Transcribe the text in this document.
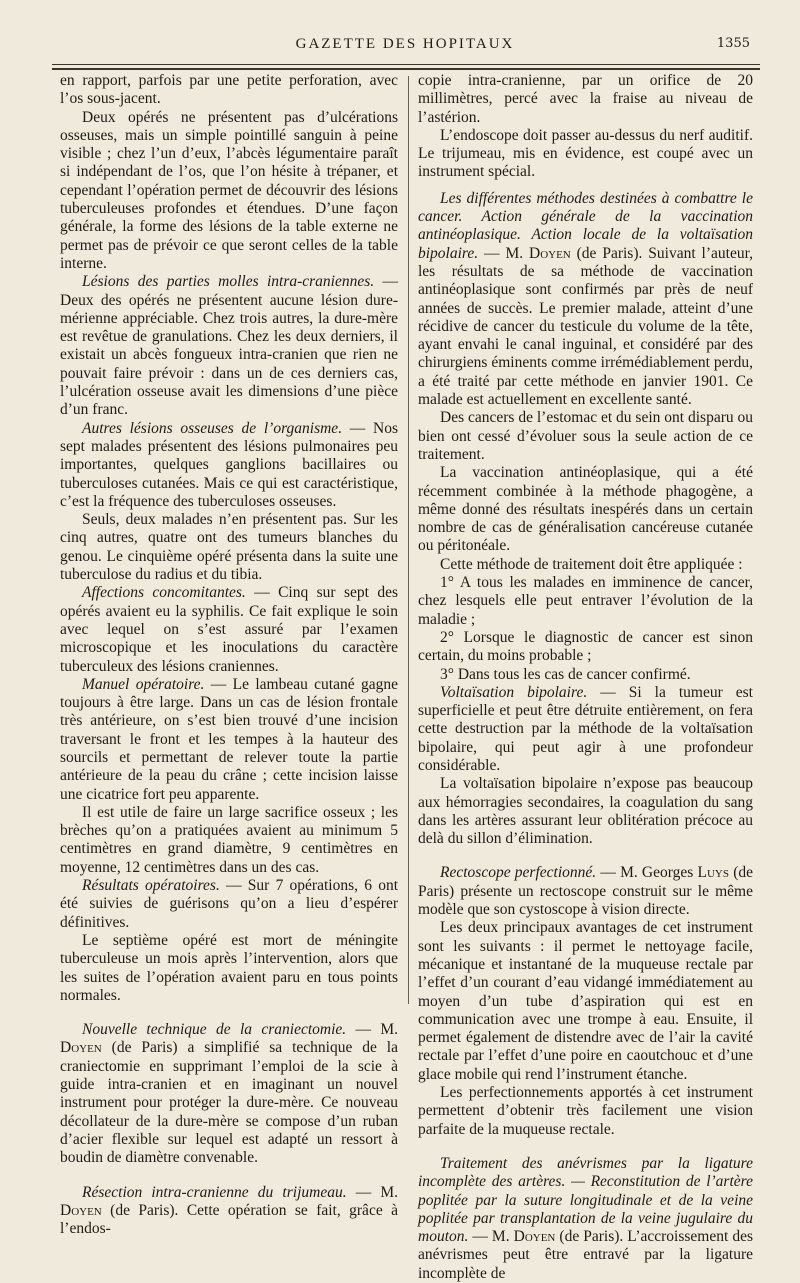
GAZETTE DES HOPITAUX	1355

en rapport, parfois par une petite perforation, avec l’os sous-jacent.

Deux opérés ne présentent pas d’ulcérations osseuses, mais un simple pointillé sanguin à peine visible ; chez l’un d’eux, l’abcès légumentaire paraît si indépendant de l’os, que l’on hésite à trépaner, et cependant l’opération permet de découvrir des lésions tuberculeuses profondes et étendues. D’une façon générale, la forme des lésions de la table externe ne permet pas de prévoir ce que seront celles de la table interne.

Lésions des parties molles intra-craniennes. — Deux des opérés ne présentent aucune lésion dure-mérienne appréciable. Chez trois autres, la dure-mère est revêtue de granulations. Chez les deux derniers, il existait un abcès fongueux intra-cranien que rien ne pouvait faire prévoir : dans un de ces derniers cas, l’ulcération osseuse avait les dimensions d’une pièce d’un franc.

Autres lésions osseuses de l’organisme. — Nos sept malades présentent des lésions pulmonaires peu importantes, quelques ganglions bacillaires ou tuberculoses cutanées. Mais ce qui est caractéristique, c’est la fréquence des tuberculoses osseuses.

Seuls, deux malades n’en présentent pas. Sur les cinq autres, quatre ont des tumeurs blanches du genou. Le cinquième opéré présenta dans la suite une tuberculose du radius et du tibia.

Affections concomitantes. — Cinq sur sept des opérés avaient eu la syphilis. Ce fait explique le soin avec lequel on s’est assuré par l’examen microscopique et les inoculations du caractère tuberculeux des lésions craniennes.

Manuel opératoire. — Le lambeau cutané gagne toujours à être large. Dans un cas de lésion frontale très antérieure, on s’est bien trouvé d’une incision traversant le front et les tempes à la hauteur des sourcils et permettant de relever toute la partie antérieure de la peau du crâne ; cette incision laisse une cicatrice fort peu apparente.

Il est utile de faire un large sacrifice osseux ; les brèches qu’on a pratiquées avaient au minimum 5 centimètres en grand diamètre, 9 centimètres en moyenne, 12 centimètres dans un des cas.

Résultats opératoires. — Sur 7 opérations, 6 ont été suivies de guérisons qu’on a lieu d’espérer définitives.

Le septième opéré est mort de méningite tuberculeuse un mois après l’intervention, alors que les suites de l’opération avaient paru en tous points normales.

Nouvelle technique de la craniectomie. — M. Doyen (de Paris) a simplifié sa technique de la craniectomie en supprimant l’emploi de la scie à guide intra-cranien et en imaginant un nouvel instrument pour protéger la dure-mère. Ce nouveau décollateur de la dure-mère se compose d’un ruban d’acier flexible sur lequel est adapté un ressort à boudin de diamètre convenable.

Résection intra-cranienne du trijumeau. — M. Doyen (de Paris). Cette opération se fait, grâce à l’endos-

copie intra-cranienne, par un orifice de 20 millimètres, percé avec la fraise au niveau de l’astérion.

L’endoscope doit passer au-dessus du nerf auditif. Le trijumeau, mis en évidence, est coupé avec un instrument spécial.

Les différentes méthodes destinées à combattre le cancer. Action générale de la vaccination antinéoplasique. Action locale de la voltaïsation bipolaire. — M. Doyen (de Paris). Suivant l’auteur, les résultats de sa méthode de vaccination antinéoplasique sont confirmés par près de neuf années de succès. Le premier malade, atteint d’une récidive de cancer du testicule du volume de la tête, ayant envahi le canal inguinal, et considéré par des chirurgiens éminents comme irrémédiablement perdu, a été traité par cette méthode en janvier 1901. Ce malade est actuellement en excellente santé.

Des cancers de l’estomac et du sein ont disparu ou bien ont cessé d’évoluer sous la seule action de ce traitement.

La vaccination antinéoplasique, qui a été récemment combinée à la méthode phagogène, a même donné des résultats inespérés dans un certain nombre de cas de généralisation cancéreuse cutanée ou péritonéale.

Cette méthode de traitement doit être appliquée :

1° A tous les malades en imminence de cancer, chez lesquels elle peut entraver l’évolution de la maladie ;

2° Lorsque le diagnostic de cancer est sinon certain, du moins probable ;

3° Dans tous les cas de cancer confirmé.

Voltaïsation bipolaire. — Si la tumeur est superficielle et peut être détruite entièrement, on fera cette destruction par la méthode de la voltaïsation bipolaire, qui peut agir à une profondeur considérable.

La voltaïsation bipolaire n’expose pas beaucoup aux hémorragies secondaires, la coagulation du sang dans les artères assurant leur oblitération précoce au delà du sillon d’élimination.

Rectoscope perfectionné. — M. Georges Luys (de Paris) présente un rectoscope construit sur le même modèle que son cystoscope à vision directe.

Les deux principaux avantages de cet instrument sont les suivants : il permet le nettoyage facile, mécanique et instantané de la muqueuse rectale par l’effet d’un courant d’eau vidangé immédiatement au moyen d’un tube d’aspiration qui est en communication avec une trompe à eau. Ensuite, il permet également de distendre avec de l’air la cavité rectale par l’effet d’une poire en caoutchouc et d’une glace mobile qui rend l’instrument étanche.

Les perfectionnements apportés à cet instrument permettent d’obtenir très facilement une vision parfaite de la muqueuse rectale.

Traitement des anévrismes par la ligature incomplète des artères. — Reconstitution de l’artère poplitée par la suture longitudinale et de la veine poplitée par transplantation de la veine jugulaire du mouton. — M. Doyen (de Paris). L’accroissement des anévrismes peut être entravé par la ligature incomplète de
